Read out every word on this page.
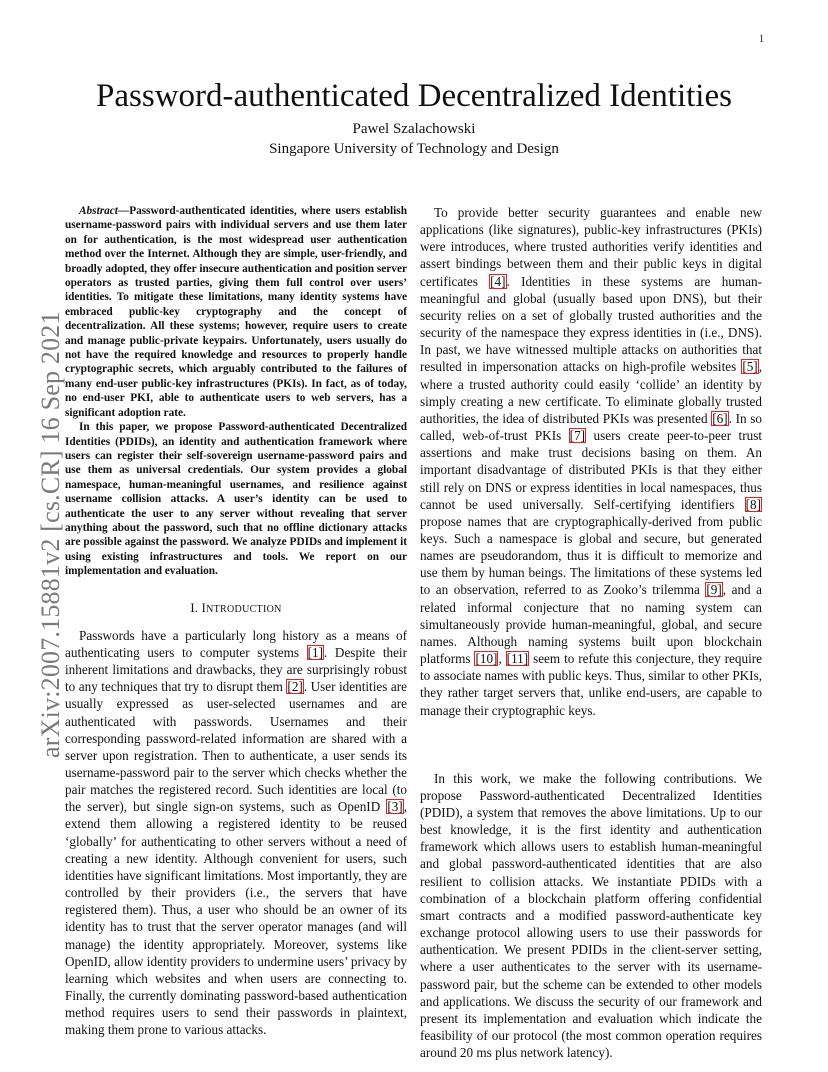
1
arXiv:2007.15881v2 [cs.CR] 16 Sep 2021
Password-authenticated Decentralized Identities
Pawel Szalachowski
Singapore University of Technology and Design

Abstract—Password-authenticated identities, where users establish username-password pairs with individual servers and use them later on for authentication, is the most widespread user authentication method over the Internet. Although they are simple, user-friendly, and broadly adopted, they offer insecure authentication and position server operators as trusted parties, giving them full control over users’ identities. To mitigate these limitations, many identity systems have embraced public-key cryptography and the concept of decentralization. All these systems; however, require users to create and manage public-private keypairs. Unfortunately, users usually do not have the required knowledge and resources to properly handle cryptographic secrets, which arguably contributed to the failures of many end-user public-key infrastructures (PKIs). In fact, as of today, no end-user PKI, able to authenticate users to web servers, has a significant adoption rate.

In this paper, we propose Password-authenticated Decentralized Identities (PDIDs), an identity and authentication framework where users can register their self-sovereign username-password pairs and use them as universal credentials. Our system provides a global namespace, human-meaningful usernames, and resilience against username collision attacks. A user’s identity can be used to authenticate the user to any server without revealing that server anything about the password, such that no offline dictionary attacks are possible against the password. We analyze PDIDs and implement it using existing infrastructures and tools. We report on our implementation and evaluation.

I. INTRODUCTION

Passwords have a particularly long history as a means of authenticating users to computer systems [1]. Despite their inherent limitations and drawbacks, they are surprisingly robust to any techniques that try to disrupt them [2]. User identities are usually expressed as user-selected usernames and are authenticated with passwords. Usernames and their corresponding password-related information are shared with a server upon registration. Then to authenticate, a user sends its username-password pair to the server which checks whether the pair matches the registered record. Such identities are local (to the server), but single sign-on systems, such as OpenID [3], extend them allowing a registered identity to be reused ‘globally’ for authenticating to other servers without a need of creating a new identity. Although convenient for users, such identities have significant limitations. Most importantly, they are controlled by their providers (i.e., the servers that have registered them). Thus, a user who should be an owner of its identity has to trust that the server operator manages (and will manage) the identity appropriately. Moreover, systems like OpenID, allow identity providers to undermine users’ privacy by learning which websites and when users are connecting to. Finally, the currently dominating password-based authentication method requires users to send their passwords in plaintext, making them prone to various attacks.

To provide better security guarantees and enable new applications (like signatures), public-key infrastructures (PKIs) were introduces, where trusted authorities verify identities and assert bindings between them and their public keys in digital certificates [4]. Identities in these systems are human-meaningful and global (usually based upon DNS), but their security relies on a set of globally trusted authorities and the security of the namespace they express identities in (i.e., DNS). In past, we have witnessed multiple attacks on authorities that resulted in impersonation attacks on high-profile websites [5], where a trusted authority could easily ‘collide’ an identity by simply creating a new certificate. To eliminate globally trusted authorities, the idea of distributed PKIs was presented [6]. In so called, web-of-trust PKIs [7] users create peer-to-peer trust assertions and make trust decisions basing on them. An important disadvantage of distributed PKIs is that they either still rely on DNS or express identities in local namespaces, thus cannot be used universally. Self-certifying identifiers [8] propose names that are cryptographically-derived from public keys. Such a namespace is global and secure, but generated names are pseudorandom, thus it is difficult to memorize and use them by human beings. The limitations of these systems led to an observation, referred to as Zooko’s trilemma [9], and a related informal conjecture that no naming system can simultaneously provide human-meaningful, global, and secure names. Although naming systems built upon blockchain platforms [10], [11] seem to refute this conjecture, they require to associate names with public keys. Thus, similar to other PKIs, they rather target servers that, unlike end-users, are capable to manage their cryptographic keys.

In this work, we make the following contributions. We propose Password-authenticated Decentralized Identities (PDID), a system that removes the above limitations. Up to our best knowledge, it is the first identity and authentication framework which allows users to establish human-meaningful and global password-authenticated identities that are also resilient to collision attacks. We instantiate PDIDs with a combination of a blockchain platform offering confidential smart contracts and a modified password-authenticate key exchange protocol allowing users to use their passwords for authentication. We present PDIDs in the client-server setting, where a user authenticates to the server with its username-password pair, but the scheme can be extended to other models and applications. We discuss the security of our framework and present its implementation and evaluation which indicate the feasibility of our protocol (the most common operation requires around 20 ms plus network latency).
